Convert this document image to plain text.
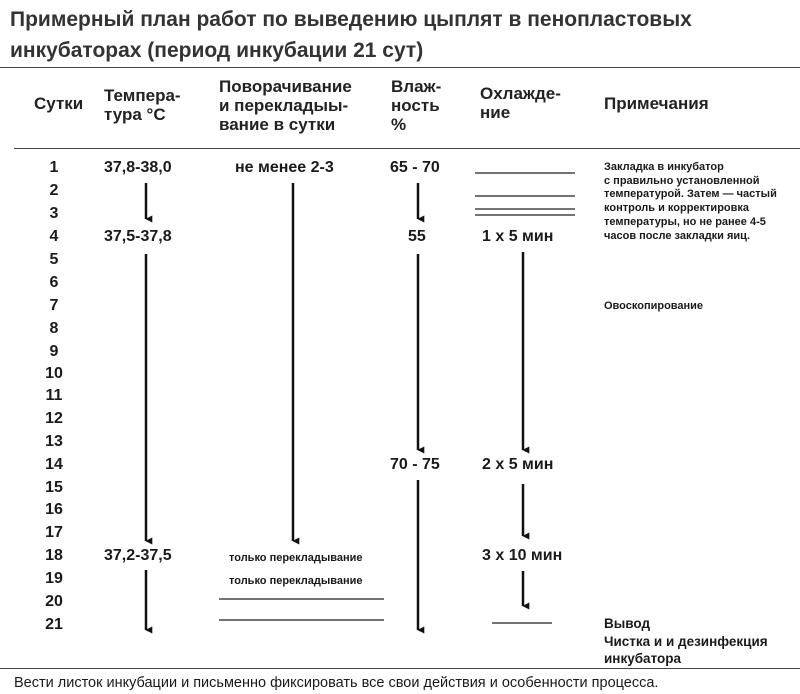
Примерный план работ по выведению цыплят в пенопластовых инкубаторах (период инкубации 21 сут)
Сутки Темпера-
тура °С
Поворачивание
и перекладыы-
вание в сутки
Влаж-
ность
%
Охлажде-
ние	Примечания
1
2
3
4
5
6
7
8
9
10
11
12
13
14
15
16
17
18
19
20
21
37,8-38,0
37,5-37,8
37,2-37,5
не менее 2-3
только перекладывание
только перекладывание
65 - 70
55
70 - 75
1 х 5 мин
2 х 5 мин
3 х 10 мин
Закладка в инкубатор
с правильно установленной
температурой. Затем — частый
контроль и корректировка
температуры, но не ранее 4-5
часов после закладки яиц.
Овоскопирование
Вывод
Чистка и и дезинфекция
инкубатора
Вести листок инкубации и письменно фиксировать все свои действия и особенности процесса.
